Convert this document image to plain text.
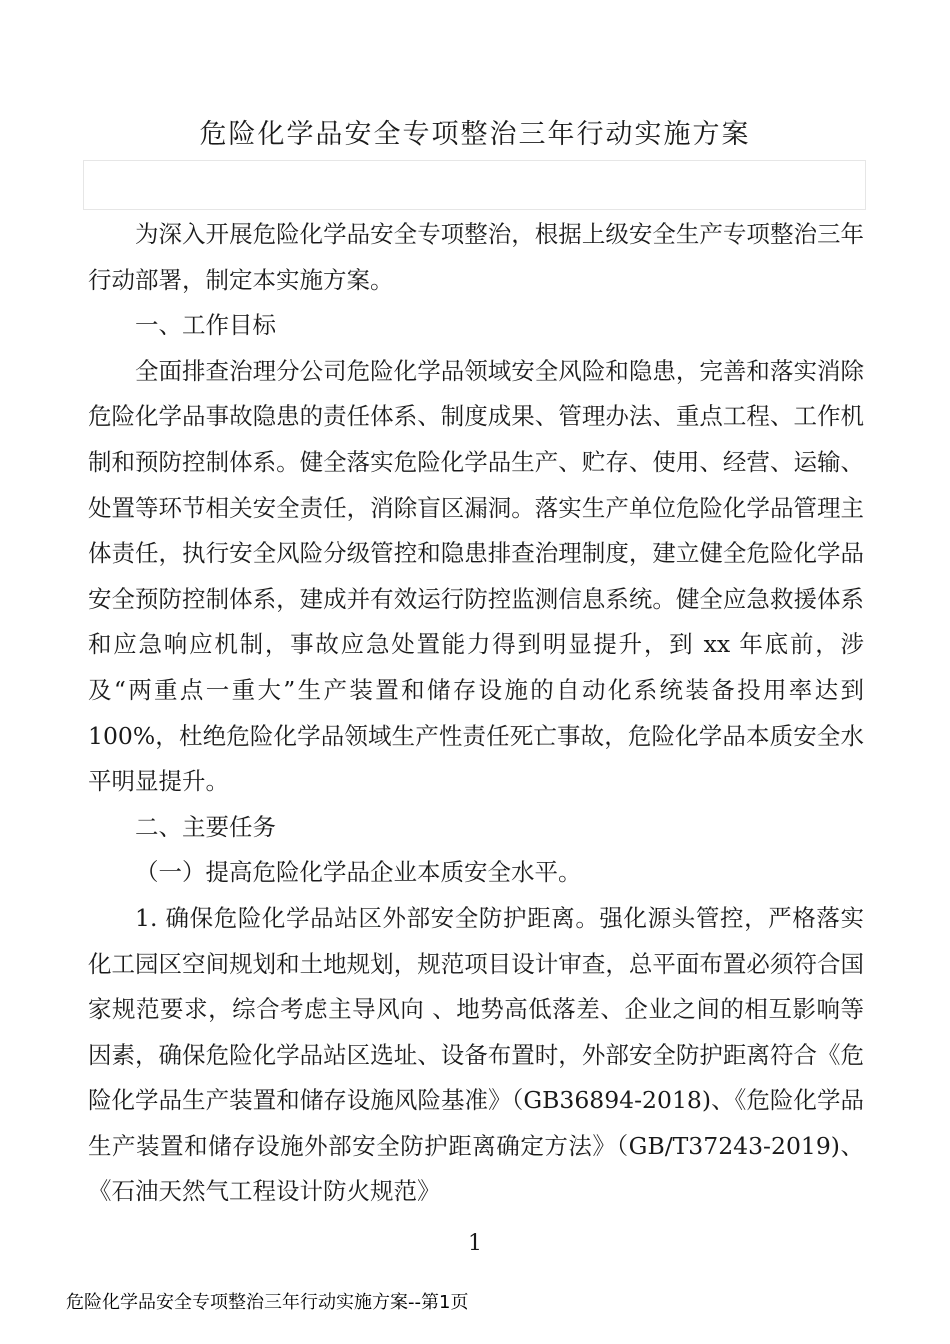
危险化学品安全专项整治三年行动实施方案

为深入开展危险化学品安全专项整治，根据上级安全生产专项整治三年行动部署，制定本实施方案。

一、工作目标

全面排查治理分公司危险化学品领域安全风险和隐患，完善和落实消除危险化学品事故隐患的责任体系、制度成果、管理办法、重点工程、工作机制和预防控制体系。健全落实危险化学品生产、贮存、使用、经营、运输、处置等环节相关安全责任，消除盲区漏洞。落实生产单位危险化学品管理主体责任，执行安全风险分级管控和隐患排查治理制度，建立健全危险化学品安全预防控制体系，建成并有效运行防控监测信息系统。健全应急救援体系和应急响应机制，事故应急处置能力得到明显提升，到 xx 年底前，涉及“两重点一重大”生产装置和储存设施的自动化系统装备投用率达到 100%，杜绝危险化学品领域生产性责任死亡事故，危险化学品本质安全水平明显提升。

二、主要任务

（一）提高危险化学品企业本质安全水平。

1. 确保危险化学品站区外部安全防护距离。强化源头管控，严格落实化工园区空间规划和土地规划，规范项目设计审查，总平面布置必须符合国家规范要求，综合考虑主导风向 、地势高低落差、企业之间的相互影响等因素，确保危险化学品站区选址、设备布置时，外部安全防护距离符合《危险化学品生产装置和储存设施风险基准》（GB36894-2018)、《危险化学品生产装置和储存设施外部安全防护距离确定方法》（GB/T37243-2019)、《石油天然气工程设计防火规范》

1
危险化学品安全专项整治三年行动实施方案--第1页
